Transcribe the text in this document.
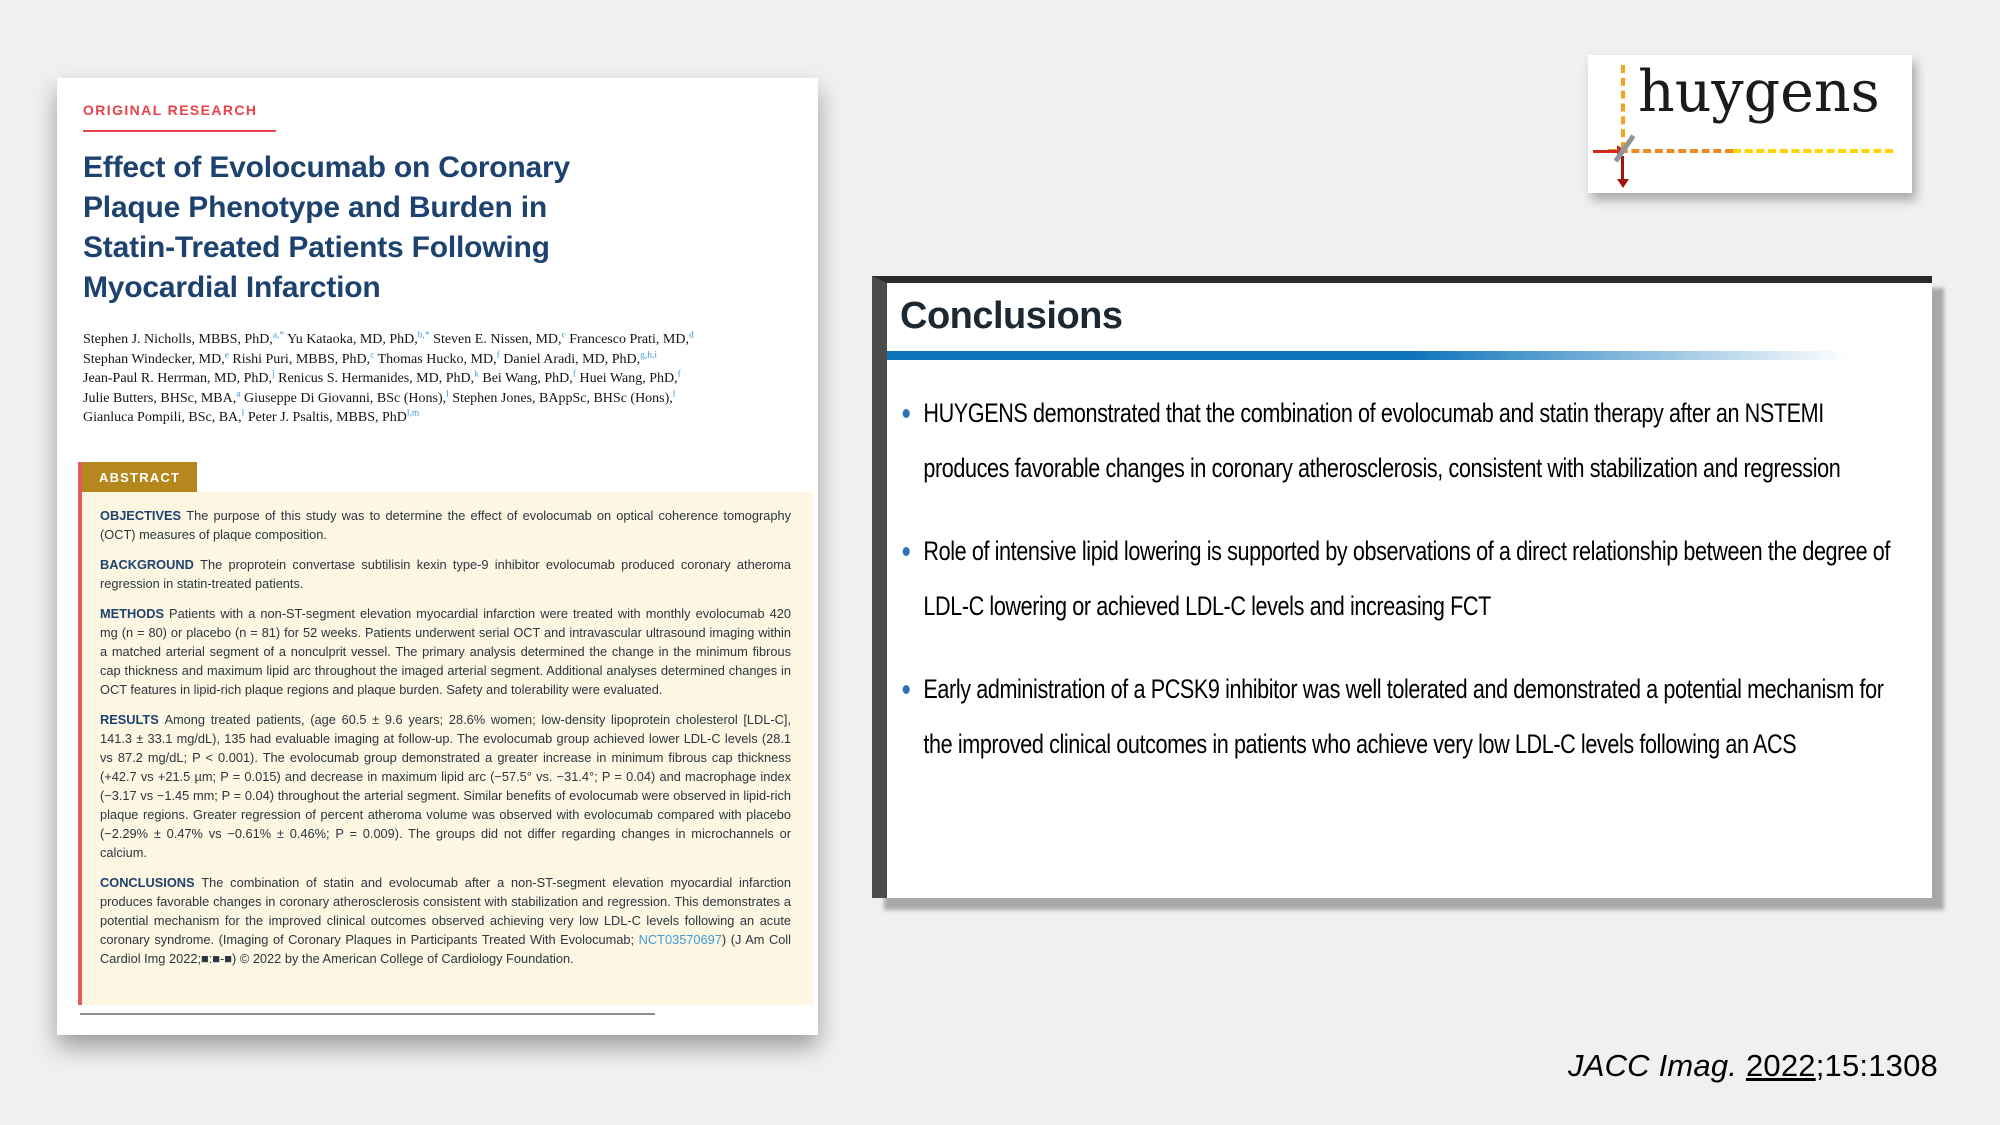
ORIGINAL RESEARCH
Effect of Evolocumab on Coronary
Plaque Phenotype and Burden in
Statin-Treated Patients Following
Myocardial Infarction
Stephen J. Nicholls, MBBS, PhD,$^{a,*}$ Yu Kataoka, MD, PhD,$^{b,*}$ Steven E. Nissen, MD,$^c$ Francesco Prati, MD,$^d$
Stephan Windecker, MD,$^e$ Rishi Puri, MBBS, PhD,$^c$ Thomas Hucko, MD,$^f$ Daniel Aradi, MD, PhD,$^{g,h,i}$
Jean-Paul R. Herrman, MD, PhD,$^j$ Renicus S. Hermanides, MD, PhD,$^k$ Bei Wang, PhD,$^f$ Huei Wang, PhD,$^f$
Julie Butters, BHSc, MBA,$^a$ Giuseppe Di Giovanni, BSc (Hons),$^l$ Stephen Jones, BAppSc, BHSc (Hons),$^l$
Gianluca Pompili, BSc, BA,$^l$ Peter J. Psaltis, MBBS, PhD$^{l,m}$
ABSTRACT

OBJECTIVES The purpose of this study was to determine the effect of evolocumab on optical coherence tomography (OCT) measures of plaque composition.

BACKGROUND The proprotein convertase subtilisin kexin type-9 inhibitor evolocumab produced coronary atheroma regression in statin-treated patients.

METHODS Patients with a non-ST-segment elevation myocardial infarction were treated with monthly evolocumab 420 mg (n = 80) or placebo (n = 81) for 52 weeks. Patients underwent serial OCT and intravascular ultrasound imaging within a matched arterial segment of a nonculprit vessel. The primary analysis determined the change in the minimum fibrous cap thickness and maximum lipid arc throughout the imaged arterial segment. Additional analyses determined changes in OCT features in lipid-rich plaque regions and plaque burden. Safety and tolerability were evaluated.

RESULTS Among treated patients, (age 60.5 ± 9.6 years; 28.6% women; low-density lipoprotein cholesterol [LDL-C], 141.3 ± 33.1 mg/dL), 135 had evaluable imaging at follow-up. The evolocumab group achieved lower LDL-C levels (28.1 vs 87.2 mg/dL; P < 0.001). The evolocumab group demonstrated a greater increase in minimum fibrous cap thickness (+42.7 vs +21.5 µm; P = 0.015) and decrease in maximum lipid arc (−57.5° vs. −31.4°; P = 0.04) and macrophage index (−3.17 vs −1.45 mm; P = 0.04) throughout the arterial segment. Similar benefits of evolocumab were observed in lipid-rich plaque regions. Greater regression of percent atheroma volume was observed with evolocumab compared with placebo (−2.29% ± 0.47% vs −0.61% ± 0.46%; P = 0.009). The groups did not differ regarding changes in microchannels or calcium.

CONCLUSIONS The combination of statin and evolocumab after a non-ST-segment elevation myocardial infarction produces favorable changes in coronary atherosclerosis consistent with stabilization and regression. This demonstrates a potential mechanism for the improved clinical outcomes observed achieving very low LDL-C levels following an acute coronary syndrome. (Imaging of Coronary Plaques in Participants Treated With Evolocumab; NCT03570697) (J Am Coll Cardiol Img 2022;■:■-■) © 2022 by the American College of Cardiology Foundation.

huygens
Conclusions
HUYGENS demonstrated that the combination of evolocumab and statin therapy after an NSTEMI produces favorable changes in coronary atherosclerosis, consistent with stabilization and regression
Role of intensive lipid lowering is supported by observations of a direct relationship between the degree of LDL-C lowering or achieved LDL-C levels and increasing FCT
Early administration of a PCSK9 inhibitor was well tolerated and demonstrated a potential mechanism for the improved clinical outcomes in patients who achieve very low LDL-C levels following an ACS
JACC Imag. 2022;15:1308
